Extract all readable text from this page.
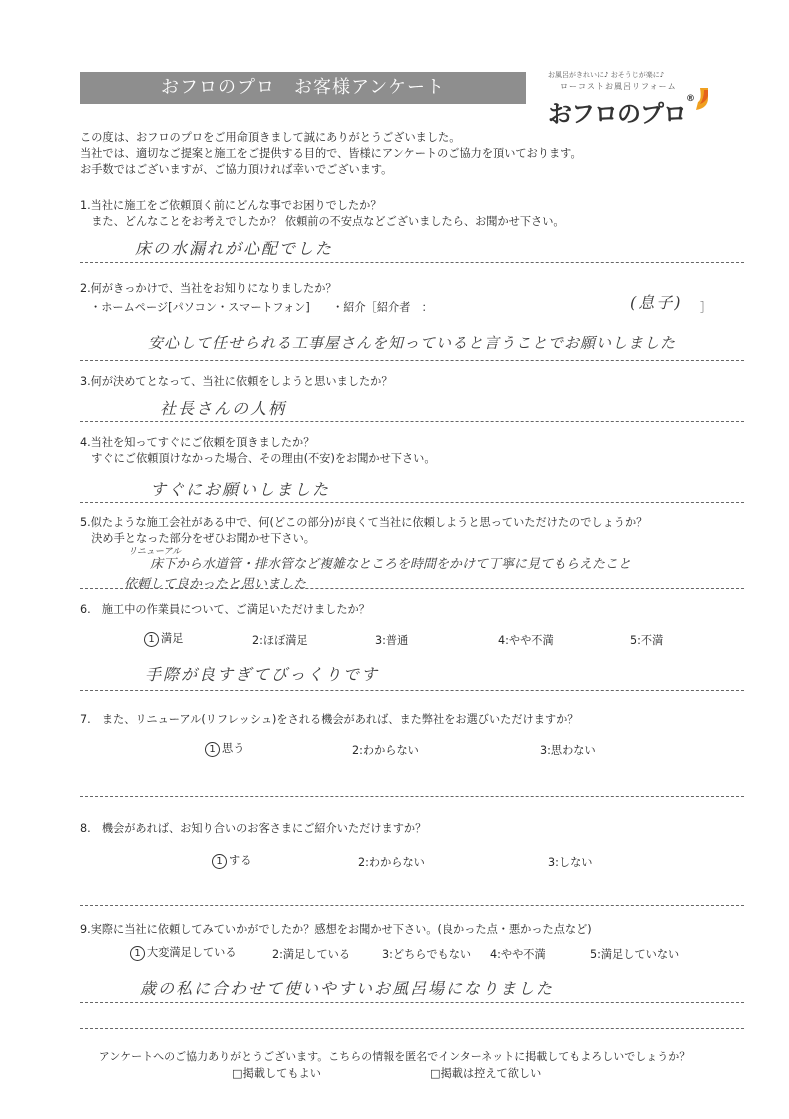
おフロのプロ　お客様アンケート
お風呂がきれいに♪ おそうじが楽に♪
ローコストお風呂リフォーム
おフロのプロ®
この度は、おフロのプロをご用命頂きまして誠にありがとうございました。
当社では、適切なご提案と施工をご提供する目的で、皆様にアンケートのご協力を頂いております。
お手数ではございますが、ご協力頂ければ幸いでございます。
1.当社に施工をご依頼頂く前にどんな事でお困りでしたか？
　また、どんなことをお考えでしたか？ 依頼前の不安点などございましたら、お聞かせ下さい。
床の水漏れが心配でした
2.何がきっかけで、当社をお知りになりましたか？
・ホームページ[パソコン・スマートフォン]　　・紹介［紹介者　：	(息子) ］
安心して任せられる工事屋さんを知っていると言うことでお願いしました
3.何が決めてとなって、当社に依頼をしようと思いましたか？
社長さんの人柄
4.当社を知ってすぐにご依頼を頂きましたか？
　すぐにご依頼頂けなかった場合、その理由(不安)をお聞かせ下さい。
すぐにお願いしました
5.似たような施工会社がある中で、何(どこの部分)が良くて当社に依頼しようと思っていただけたのでしょうか？
　決め手となった部分をぜひお聞かせ下さい。
リニューアル
床下から水道管・排水管など複雑なところを時間をかけて丁寧に見てもらえたこと
依頼して良かったと思いました
6.　施工中の作業員について、ご満足いただけましたか？
1 満足	2:ほぼ満足	3:普通	4:やや不満	5:不満
手際が良すぎてびっくりです
7.　また、リニューアル(リフレッシュ)をされる機会があれば、また弊社をお選びいただけますか？
1 思う	2:わからない	3:思わない
8.　機会があれば、お知り合いのお客さまにご紹介いただけますか？
1 する	2:わからない	3:しない
9.実際に当社に依頼してみていかがでしたか？感想をお聞かせ下さい。(良かった点・悪かった点など)
1 大変満足している	2:満足している	3:どちらでもない 4:やや不満	5:満足していない
歳の私に合わせて使いやすいお風呂場になりました
アンケートへのご協力ありがとうございます。こちらの情報を匿名でインターネットに掲載してもよろしいでしょうか？
□掲載してもよい	□掲載は控えて欲しい
